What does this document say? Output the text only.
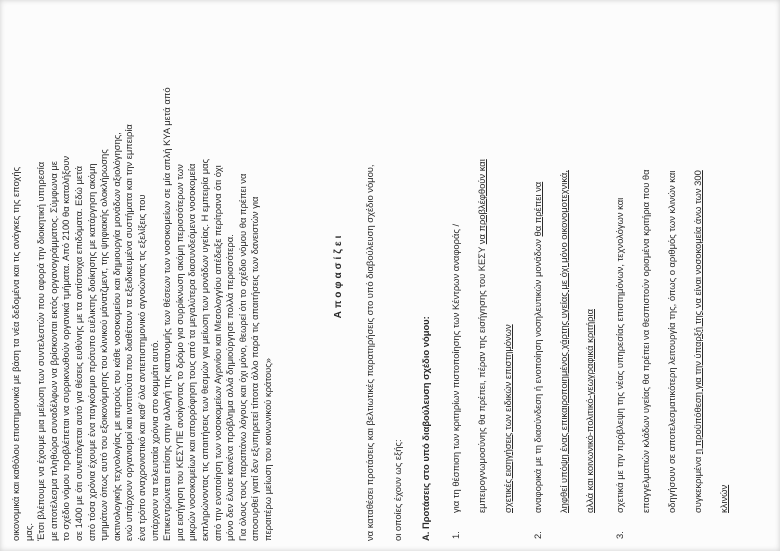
οικονομικά και καθόλου επιστημονικά με βάση τα νέα δεδομένα και τις ανάγκες της εποχής μας. Έτσι βλέπουμε να έχουμε μια μείωση των συντελεστών που αφορά την διοικητική υπηρεσία με αποτέλεσμα πληθώρα συναδέλφων να βρίσκονται εκτός οργανογράμματος. Σύμφωνα με το σχέδιο νόμου προβλέπεται να συρρικνωθούν οργανικά τμήματα. Από 2100 θα καταλήξουν σε 1400 με ότι συνεπάγεται αυτό για θέσεις ευθύνης με τα αντίστοιχα επιδόματα. Εδώ μετά από τόσα χρόνια έχουμε ένα παγκόσμιο πρότυπο ευέλικτης διοίκησης με κατάργηση ακόμη τμημάτων όπως αυτό του εξοικονόμησης του κλινικού μάνατζμεντ, της ψηφιακής ολοκλήρωσης ακτινολογικής τεχνολογίας με ιατρούς του κάθε νοσοκομείου και δημιουργία μονάδων αξιολόγησης, ενώ υπάρχουν οργανισμοί και ινστιτούτα που διαθέτουν τα εξειδικευμένα συστήματα και την εμπειρία ένα τρόπο αναχρονιστικό και καθ’ όλα αντιεπιστημονικό αγνοώντας τις εξελίξεις που υπάρχουν τα τελευταία χρόνια στο κομμάτι αυτό. Επικεντρώνεται επίσης στην αλλαγή της κατανομής των θέσεων των νοσοκομείων σε μία απλή ΚΥΑ μετά από μια εισήγηση του ΚΕΣΥΠΕ ανοίγοντας το δρόμο για συρρίκνωση ακόμη περισσότερων των μικρών νοσοκομείων και απορρόφηση τους από τα μεγαλύτερα διασυνδεόμενα νοσοκομεία εκπληρώνοντας τις απαιτήσεις των θεσμών για μείωση των μονάδων υγείας. Η εμπειρία μας από την ενοποίηση των νοσοκομείων Αγρινίου και Μεσολογγίου απέδειξε περίτρανα ότι όχι μόνο δεν έλυσε κανένα πρόβλημα αλλά δημιούργησε πολλά περισσότερα. Για όλους τους παραπάνω λόγους και όχι μόνο, θεωρεί ότι το σχέδιο νόμου θα πρέπει να αποσυρθεί γιατί δεν εξυπηρετεί τίποτα άλλο παρά τις απαιτήσεις των δανειστών για περαιτέρω μείωση του κοινωνικού κράτους»
Αποφασίζει να καταθέσει προτάσεις και βελτιωτικές παρατηρήσεις στο υπό διαβούλευση σχέδιο νόμου, οι οποίες έχουν ως εξής: Α. Προτάσεις στο υπό διαβούλευση σχέδιο νόμου: 1.για τη θέσπιση των κριτηρίων πιστοποίησης των Κέντρων αναφοράς / εμπειρογνωμοσύνης θα πρέπει, πέραν της εισήγησης του ΚΕΣΥ να προβλέφθούν και
σχετικές εισηγήσεις των ειδικών επιστημόνων
2.αναφορικά με τη διασύνδεση ή ενοποίηση νοσηλευτικών μονάδων θα πρέπει να ληφθεί υπόψη ένας επικαιροποιημένος χάρτης υγείας με όχι μόνο οικονομοτεχνικά, αλλά και κοινωνικό-πολιτικό-γεωγραφικά κριτήρια
3.σχετικά με την πρόβλεψη της νέας υπηρεσίας επιστημόνων, τεχνολόγων και επαγγελματιών κλάδων υγείας θα πρέπει να θεσπιστούν ορισμένα κριτήρια που θα οδηγήσουν σε αποτελεσματικότερη λειτουργία της, όπως ο αριθμός των κλινών και συγκεκριμένα η προϋπόθεση για την ύπαρξή της να είναι νοσοκομεία άνω των 300
κλινών
